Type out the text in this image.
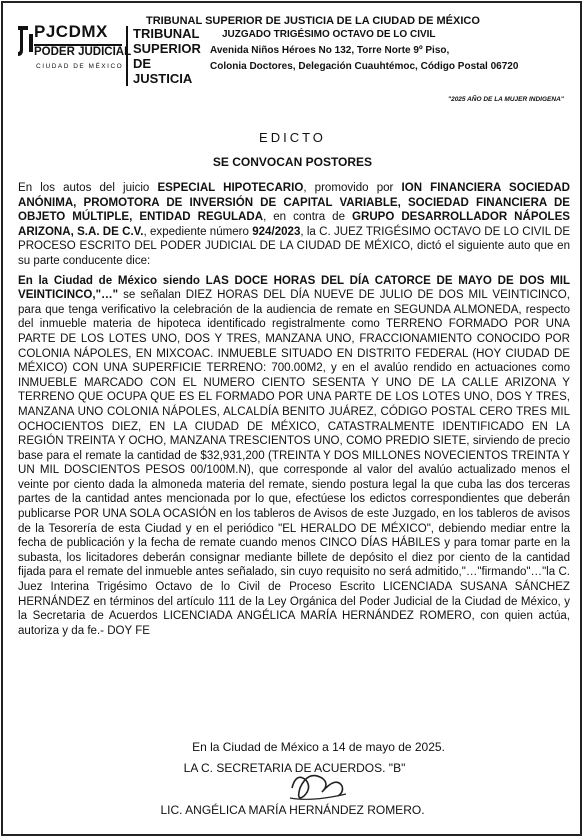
PJCDMX
PODER JUDICIAL
CIUDAD DE MÉXICO
TRIBUNAL
SUPERIOR DE
JUSTICIA
TRIBUNAL SUPERIOR DE JUSTICIA DE LA CIUDAD DE MÉXICO
JUZGADO TRIGÉSIMO OCTAVO DE LO CIVIL
Avenida Niños Héroes No 132, Torre Norte 9º Piso,
Colonia Doctores, Delegación Cuauhtémoc, Código Postal 06720
"2025 AÑO DE LA MUJER INDIGENA"
EDICTO
SE CONVOCAN POSTORES

En los autos del juicio ESPECIAL HIPOTECARIO, promovido por ION FINANCIERA SOCIEDAD ANÓNIMA, PROMOTORA DE INVERSIÓN DE CAPITAL VARIABLE, SOCIEDAD FINANCIERA DE OBJETO MÚLTIPLE, ENTIDAD REGULADA, en contra de GRUPO DESARROLLADOR NÁPOLES ARIZONA, S.A. DE C.V., expediente número 924/2023, la C. JUEZ TRIGÉSIMO OCTAVO DE LO CIVIL DE PROCESO ESCRITO DEL PODER JUDICIAL DE LA CIUDAD DE MÉXICO, dictó el siguiente auto que en su parte conducente dice:

En la Ciudad de México siendo LAS DOCE HORAS DEL DÍA CATORCE DE MAYO DE DOS MIL VEINTICINCO,"…" se señalan DIEZ HORAS DEL DÍA NUEVE DE JULIO DE DOS MIL VEINTICINCO, para que tenga verificativo la celebración de la audiencia de remate en SEGUNDA ALMONEDA, respecto del inmueble materia de hipoteca identificado registralmente como TERRENO FORMADO POR UNA PARTE DE LOS LOTES UNO, DOS Y TRES, MANZANA UNO, FRACCIONAMIENTO CONOCIDO POR COLONIA NÁPOLES, EN MIXCOAC. INMUEBLE SITUADO EN DISTRITO FEDERAL (HOY CIUDAD DE MÉXICO) CON UNA SUPERFICIE TERRENO: 700.00M2, y en el avalúo rendido en actuaciones como INMUEBLE MARCADO CON EL NUMERO CIENTO SESENTA Y UNO DE LA CALLE ARIZONA Y TERRENO QUE OCUPA QUE ES EL FORMADO POR UNA PARTE DE LOS LOTES UNO, DOS Y TRES, MANZANA UNO COLONIA NÁPOLES, ALCALDÍA BENITO JUÁREZ, CÓDIGO POSTAL CERO TRES MIL OCHOCIENTOS DIEZ, EN LA CIUDAD DE MÉXICO, CATASTRALMENTE IDENTIFICADO EN LA REGIÓN TREINTA Y OCHO, MANZANA TRESCIENTOS UNO, COMO PREDIO SIETE, sirviendo de precio base para el remate la cantidad de $32,931,200 (TREINTA Y DOS MILLONES NOVECIENTOS TREINTA Y UN MIL DOSCIENTOS PESOS 00/100M.N), que corresponde al valor del avalúo actualizado menos el veinte por ciento dada la almoneda materia del remate, siendo postura legal la que cuba las dos terceras partes de la cantidad antes mencionada por lo que, efectúese los edictos correspondientes que deberán publicarse POR UNA SOLA OCASIÓN en los tableros de Avisos de este Juzgado, en los tableros de avisos de la Tesorería de esta Ciudad y en el periódico "EL HERALDO DE MÉXICO", debiendo mediar entre la fecha de publicación y la fecha de remate cuando menos CINCO DÍAS HÁBILES y para tomar parte en la subasta, los licitadores deberán consignar mediante billete de depósito el diez por ciento de la cantidad fijada para el remate del inmueble antes señalado, sin cuyo requisito no será admitido,"…"firmando"…"la C. Juez Interina Trigésimo Octavo de lo Civil de Proceso Escrito LICENCIADA SUSANA SÁNCHEZ HERNÁNDEZ en términos del artículo 111 de la Ley Orgánica del Poder Judicial de la Ciudad de México, y la Secretaria de Acuerdos LICENCIADA ANGÉLICA MARÍA HERNÁNDEZ ROMERO, con quien actúa, autoriza y da fe.- DOY FE

En la Ciudad de México a 14 de mayo de 2025.
LA C. SECRETARIA DE ACUERDOS. "B"
LIC. ANGÉLICA MARÍA HERNÁNDEZ ROMERO.
